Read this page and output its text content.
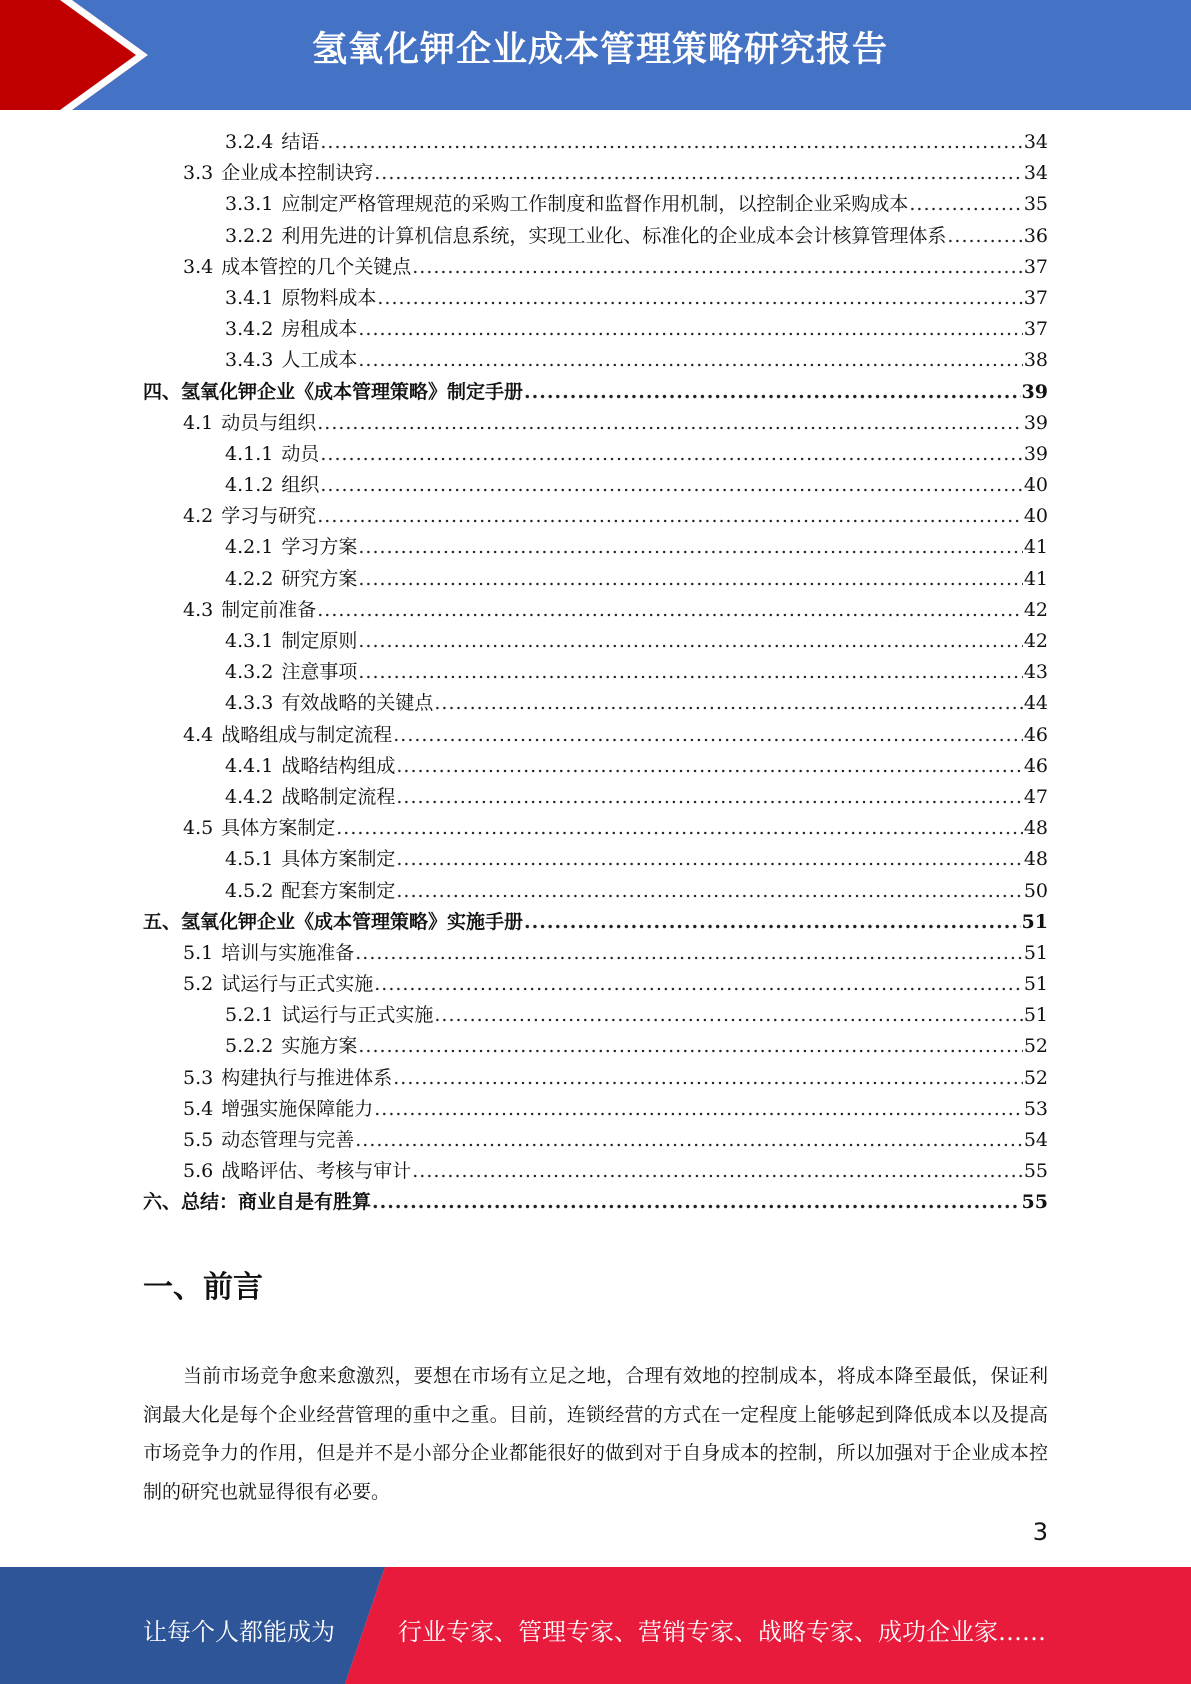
氢氧化钾企业成本管理策略研究报告
3.2.4 结语 .....	34
3.3 企业成本控制诀窍 .....	34
3.3.1 应制定严格管理规范的采购工作制度和监督作用机制，以控制企业采购成本 .....	35
3.2.2 利用先进的计算机信息系统，实现工业化、标准化的企业成本会计核算管理体系 .....	36
3.4 成本管控的几个关键点 .....	37
3.4.1 原物料成本 .....	37
3.4.2 房租成本 .....	37
3.4.3 人工成本 .....	38
四、氢氧化钾企业《成本管理策略》制定手册 .....	39
4.1 动员与组织 .....	39
4.1.1 动员 .....	39
4.1.2 组织 .....	40
4.2 学习与研究 .....	40
4.2.1 学习方案 .....	41
4.2.2 研究方案 .....	41
4.3 制定前准备 .....	42
4.3.1 制定原则 .....	42
4.3.2 注意事项 .....	43
4.3.3 有效战略的关键点 .....	44
4.4 战略组成与制定流程 .....	46
4.4.1 战略结构组成 .....	46
4.4.2 战略制定流程 .....	47
4.5 具体方案制定 .....	48
4.5.1 具体方案制定 .....	48
4.5.2 配套方案制定 .....	50
五、氢氧化钾企业《成本管理策略》实施手册 .....	51
5.1 培训与实施准备 .....	51
5.2 试运行与正式实施 .....	51
5.2.1 试运行与正式实施 .....	51
5.2.2 实施方案 .....	52
5.3 构建执行与推进体系 .....	52
5.4 增强实施保障能力 .....	53
5.5 动态管理与完善 .....	54
5.6 战略评估、考核与审计 .....	55
六、总结：商业自是有胜算 .....	55
一、前言
当前市场竞争愈来愈激烈，要想在市场有立足之地，合理有效地的控制成本，将成本降至最低，保证利润最大化是每个企业经营管理的重中之重。目前，连锁经营的方式在一定程度上能够起到降低成本以及提高市场竞争力的作用，但是并不是小部分企业都能很好的做到对于自身成本的控制，所以加强对于企业成本控制的研究也就显得很有必要。
3
让每个人都能成为	行业专家、管理专家、营销专家、战略专家、成功企业家……
